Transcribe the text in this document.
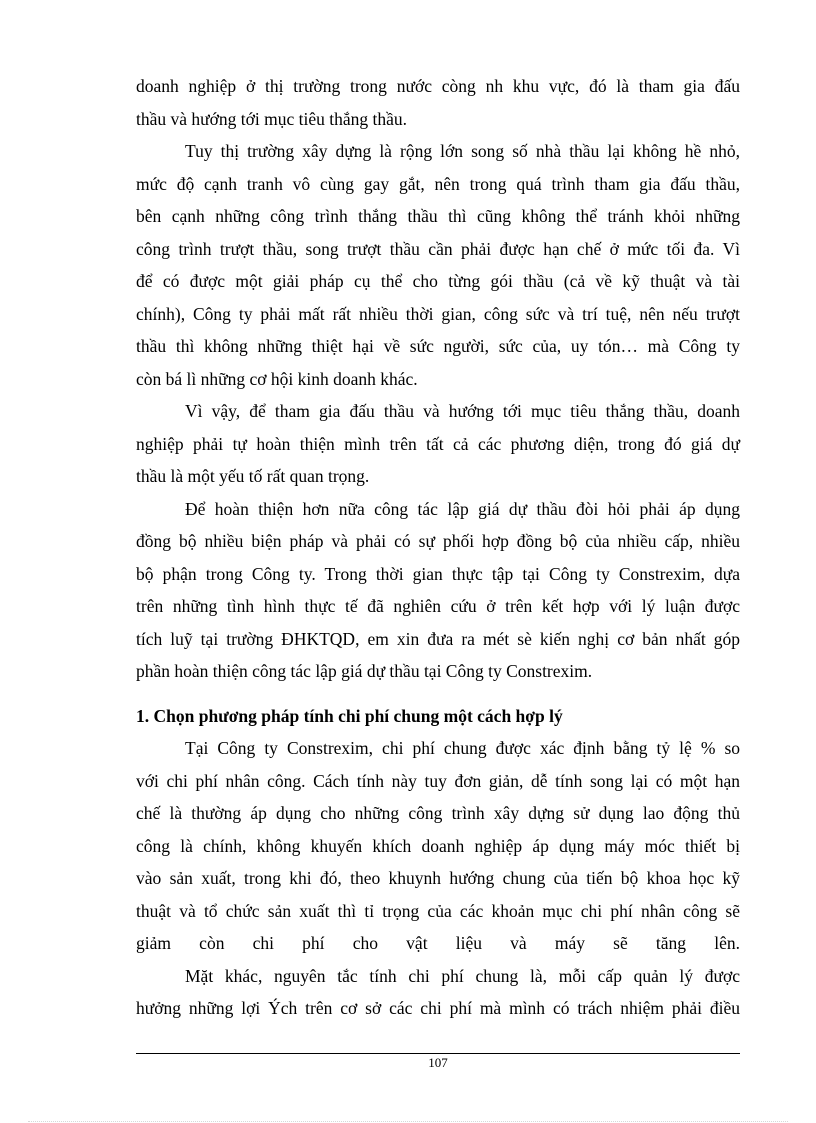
doanh nghiệp ở thị trường trong nước còng nh khu vực, đó là tham gia đấu
thầu và hướng tới mục tiêu thắng thầu.
Tuy thị trường xây dựng là rộng lớn song số nhà thầu lại không hề nhỏ,
mức độ cạnh tranh vô cùng gay gắt, nên trong quá trình tham gia đấu thầu,
bên cạnh những công trình thắng thầu thì cũng không thể tránh khỏi những
công trình trượt thầu, song trượt thầu cần phải được hạn chế ở mức tối đa. Vì
để có được một giải pháp cụ thể cho từng gói thầu (cả về kỹ thuật và tài
chính), Công ty phải mất rất nhiều thời gian, công sức và trí tuệ, nên nếu trượt
thầu thì không những thiệt hại về sức người, sức của, uy tón… mà Công ty
còn bá lì những cơ hội kinh doanh khác.
Vì vậy, để tham gia đấu thầu và hướng tới mục tiêu thắng thầu, doanh
nghiệp phải tự hoàn thiện mình trên tất cả các phương diện, trong đó giá dự
thầu là một yếu tố rất quan trọng.
Để hoàn thiện hơn nữa công tác lập giá dự thầu đòi hỏi phải áp dụng
đồng bộ nhiều biện pháp và phải có sự phối hợp đồng bộ của nhiều cấp, nhiều
bộ phận trong Công ty. Trong thời gian thực tập tại Công ty Constrexim, dựa
trên những tình hình thực tế đã nghiên cứu ở trên kết hợp với lý luận được
tích luỹ tại trường ĐHKTQD, em xin đưa ra mét sè kiến nghị cơ bản nhất góp
phần hoàn thiện công tác lập giá dự thầu tại Công ty Constrexim.
1. Chọn phương pháp tính chi phí chung một cách hợp lý
Tại Công ty Constrexim, chi phí chung được xác định bằng tỷ lệ % so
với chi phí nhân công. Cách tính này tuy đơn giản, dễ tính song lại có một hạn
chế là thường áp dụng cho những công trình xây dựng sử dụng lao động thủ
công là chính, không khuyến khích doanh nghiệp áp dụng máy móc thiết bị
vào sản xuất, trong khi đó, theo khuynh hướng chung của tiến bộ khoa học kỹ
thuật và tổ chức sản xuất thì tỉ trọng của các khoản mục chi phí nhân công sẽ
giảm còn chi phí cho vật liệu và máy sẽ tăng lên.
Mặt khác, nguyên tắc tính chi phí chung là, mỗi cấp quản lý được
hưởng những lợi Ých trên cơ sở các chi phí mà mình có trách nhiệm phải điều
107
